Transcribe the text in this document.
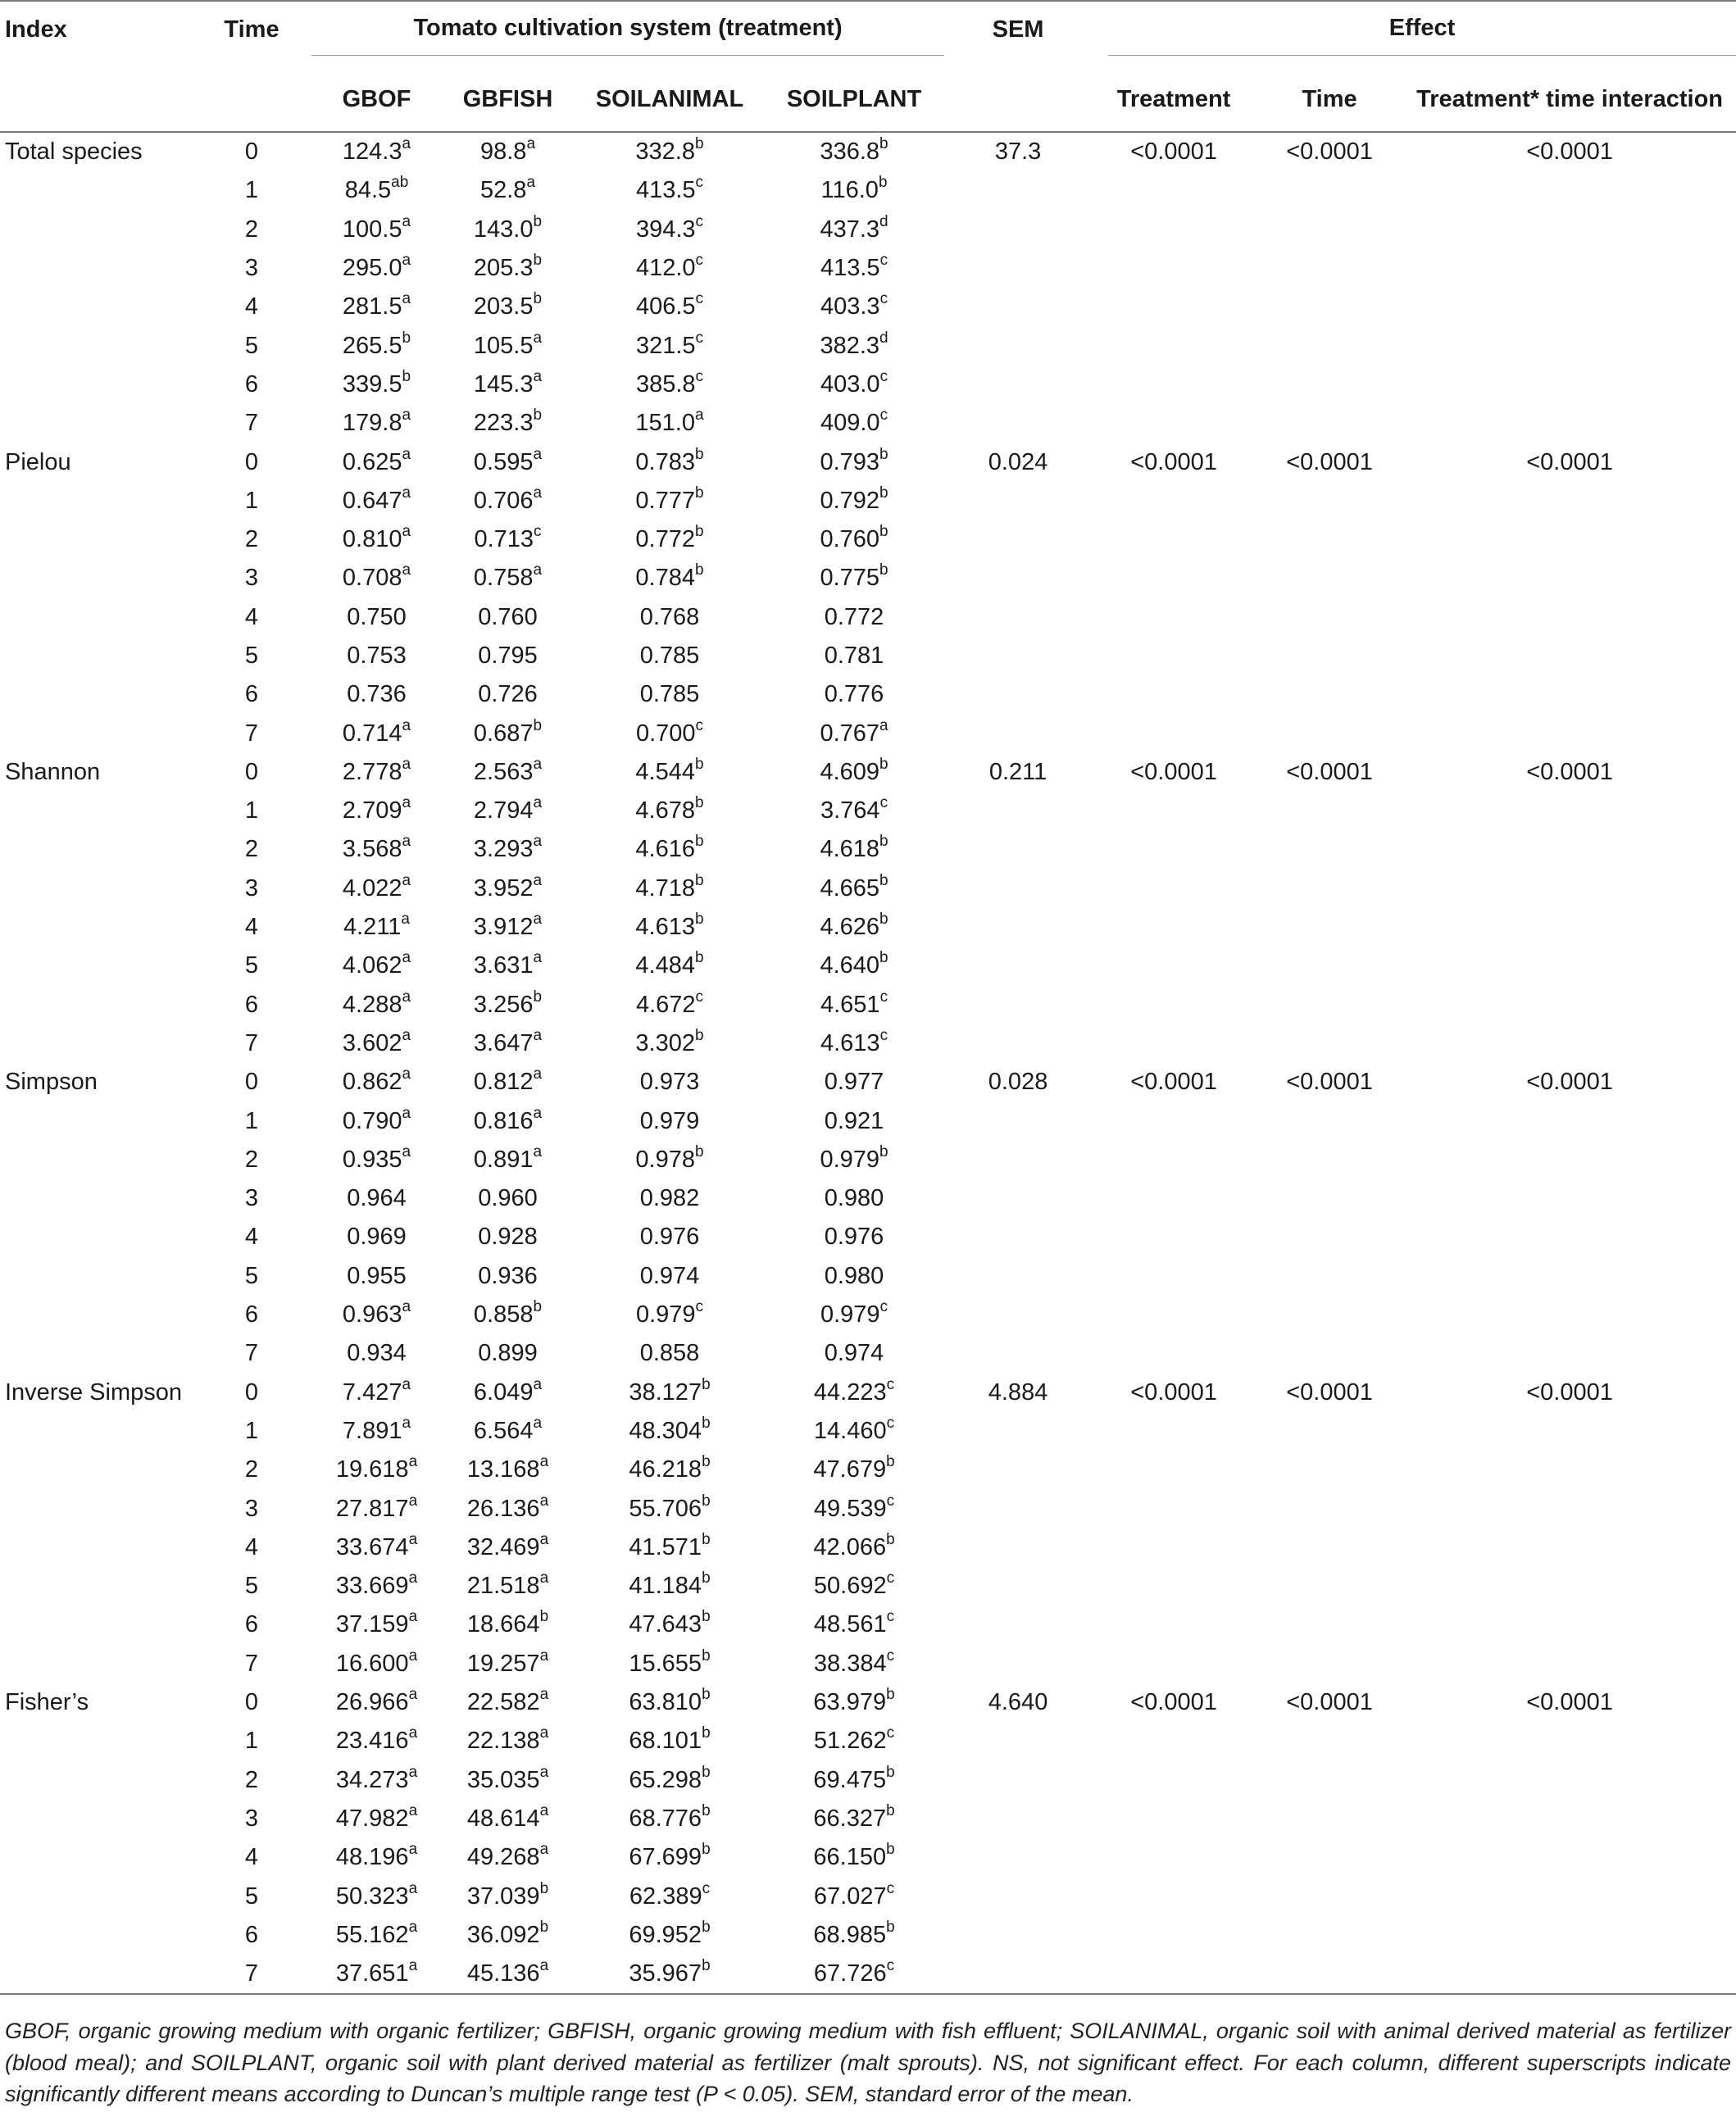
Index	Time	Tomato cultivation system (treatment)				SEM	Effect		

		GBOF	GBFISH	SOILANIMAL	SOILPLANT		Treatment	Time	Treatment* time interaction
Total species	0	124.3$^a$	98.8$^a$	332.8$^b$	336.8$^b$	37.3	<0.0001	<0.0001	<0.0001
	1	84.5$^{ab}$	52.8$^a$	413.5$^c$	116.0$^b$				
	2	100.5$^a$	143.0$^b$	394.3$^c$	437.3$^d$				
	3	295.0$^a$	205.3$^b$	412.0$^c$	413.5$^c$				
	4	281.5$^a$	203.5$^b$	406.5$^c$	403.3$^c$				
	5	265.5$^b$	105.5$^a$	321.5$^c$	382.3$^d$				
	6	339.5$^b$	145.3$^a$	385.8$^c$	403.0$^c$				
	7	179.8$^a$	223.3$^b$	151.0$^a$	409.0$^c$				
Pielou	0	0.625$^a$	0.595$^a$	0.783$^b$	0.793$^b$	0.024	<0.0001	<0.0001	<0.0001
	1	0.647$^a$	0.706$^a$	0.777$^b$	0.792$^b$				
	2	0.810$^a$	0.713$^c$	0.772$^b$	0.760$^b$				
	3	0.708$^a$	0.758$^a$	0.784$^b$	0.775$^b$				
	4	0.750	0.760	0.768	0.772				
	5	0.753	0.795	0.785	0.781				
	6	0.736	0.726	0.785	0.776				
	7	0.714$^a$	0.687$^b$	0.700$^c$	0.767$^a$				
Shannon	0	2.778$^a$	2.563$^a$	4.544$^b$	4.609$^b$	0.211	<0.0001	<0.0001	<0.0001
	1	2.709$^a$	2.794$^a$	4.678$^b$	3.764$^c$				
	2	3.568$^a$	3.293$^a$	4.616$^b$	4.618$^b$				
	3	4.022$^a$	3.952$^a$	4.718$^b$	4.665$^b$				
	4	4.211$^a$	3.912$^a$	4.613$^b$	4.626$^b$				
	5	4.062$^a$	3.631$^a$	4.484$^b$	4.640$^b$				
	6	4.288$^a$	3.256$^b$	4.672$^c$	4.651$^c$				
	7	3.602$^a$	3.647$^a$	3.302$^b$	4.613$^c$				
Simpson	0	0.862$^a$	0.812$^a$	0.973	0.977	0.028	<0.0001	<0.0001	<0.0001
	1	0.790$^a$	0.816$^a$	0.979	0.921				
	2	0.935$^a$	0.891$^a$	0.978$^b$	0.979$^b$				
	3	0.964	0.960	0.982	0.980				
	4	0.969	0.928	0.976	0.976				
	5	0.955	0.936	0.974	0.980				
	6	0.963$^a$	0.858$^b$	0.979$^c$	0.979$^c$				
	7	0.934	0.899	0.858	0.974				
Inverse Simpson	0	7.427$^a$	6.049$^a$	38.127$^b$	44.223$^c$	4.884	<0.0001	<0.0001	<0.0001
	1	7.891$^a$	6.564$^a$	48.304$^b$	14.460$^c$				
	2	19.618$^a$	13.168$^a$	46.218$^b$	47.679$^b$				
	3	27.817$^a$	26.136$^a$	55.706$^b$	49.539$^c$				
	4	33.674$^a$	32.469$^a$	41.571$^b$	42.066$^b$				
	5	33.669$^a$	21.518$^a$	41.184$^b$	50.692$^c$				
	6	37.159$^a$	18.664$^b$	47.643$^b$	48.561$^c$				
	7	16.600$^a$	19.257$^a$	15.655$^b$	38.384$^c$				
Fisher’s	0	26.966$^a$	22.582$^a$	63.810$^b$	63.979$^b$	4.640	<0.0001	<0.0001	<0.0001
	1	23.416$^a$	22.138$^a$	68.101$^b$	51.262$^c$				
	2	34.273$^a$	35.035$^a$	65.298$^b$	69.475$^b$				
	3	47.982$^a$	48.614$^a$	68.776$^b$	66.327$^b$				
	4	48.196$^a$	49.268$^a$	67.699$^b$	66.150$^b$				
	5	50.323$^a$	37.039$^b$	62.389$^c$	67.027$^c$				
	6	55.162$^a$	36.092$^b$	69.952$^b$	68.985$^b$				
	7	37.651$^a$	45.136$^a$	35.967$^b$	67.726$^c$				
GBOF, organic growing medium with organic fertilizer; GBFISH, organic growing medium with fish effluent; SOILANIMAL, organic soil with animal derived material as fertilizer (blood meal); and SOILPLANT, organic soil with plant derived material as fertilizer (malt sprouts). NS, not significant effect. For each column, different superscripts indicate significantly different means according to Duncan’s multiple range test (P < 0.05). SEM, standard error of the mean.
